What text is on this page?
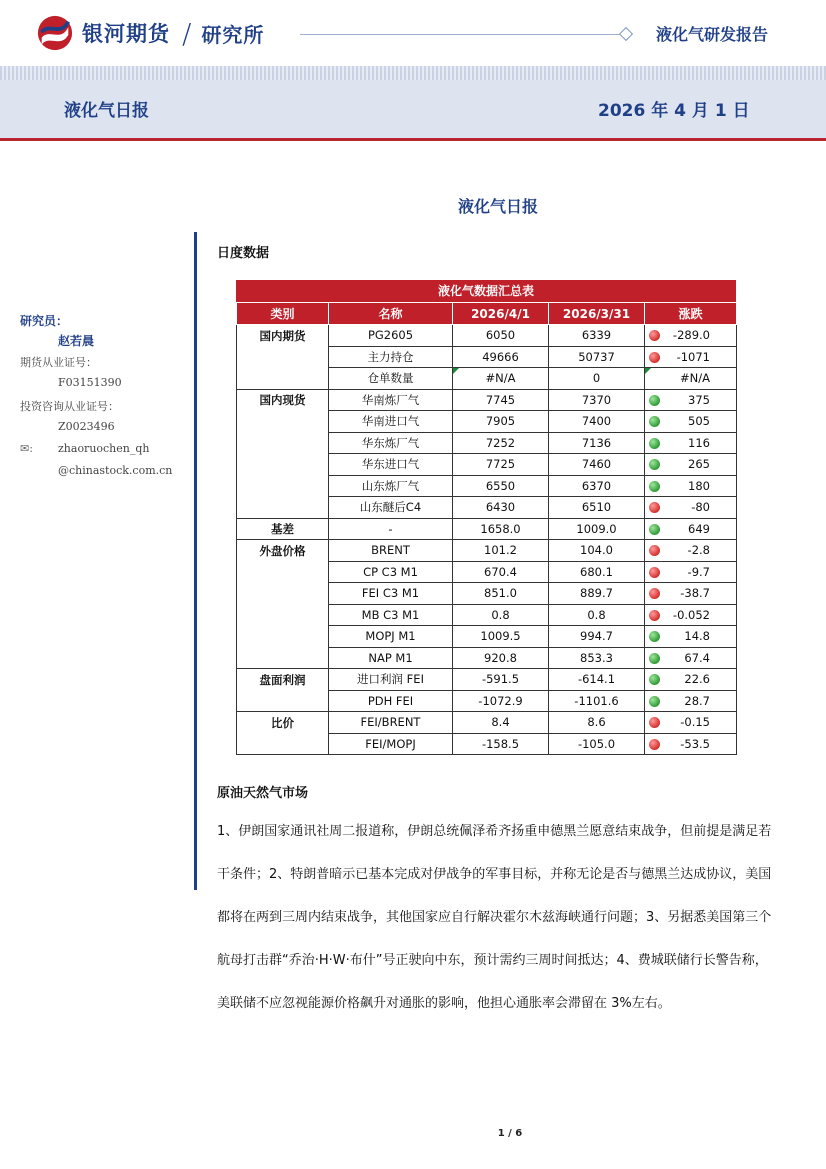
银河期货 / 研究所	液化气研发报告
液化气日报	2026 年 4 月 1 日
液化气日报
研究员：
赵若晨
期货从业证号：
F03151390
投资咨询从业证号：
Z0023496
✉: zhaoruochen_qh
@chinastock.com.cn
日度数据
液化气数据汇总表
类别	名称	2026/4/1	2026/3/31	涨跌
国内期货	PG2605	6050	6339	-289.0
	主力持仓	49666	50737	-1071
	仓单数量	#N/A	0	#N/A
国内现货	华南炼厂气	7745	7370	375
	华南进口气	7905	7400	505
	华东炼厂气	7252	7136	116
	华东进口气	7725	7460	265
	山东炼厂气	6550	6370	180
	山东醚后C4	6430	6510	-80
基差	-	1658.0	1009.0	649
外盘价格	BRENT	101.2	104.0	-2.8
	CP C3 M1	670.4	680.1	-9.7
	FEI C3 M1	851.0	889.7	-38.7
	MB C3 M1	0.8	0.8	-0.052
	MOPJ M1	1009.5	994.7	14.8
	NAP M1	920.8	853.3	67.4
盘面利润	进口利润 FEI	-591.5	-614.1	22.6
	PDH FEI	-1072.9	-1101.6	28.7
比价	FEI/BRENT	8.4	8.6	-0.15
	FEI/MOPJ	-158.5	-105.0	-53.5
原油天然气市场
1、伊朗国家通讯社周二报道称，伊朗总统佩泽希齐扬重申德黑兰愿意结束战争，但前提是满足若干条件；2、特朗普暗示已基本完成对伊战争的军事目标，并称无论是否与德黑兰达成协议，美国都将在两到三周内结束战争，其他国家应自行解决霍尔木兹海峡通行问题；3、另据悉美国第三个航母打击群“乔治·H·W·布什”号正驶向中东，预计需约三周时间抵达；4、费城联储行长警告称，美联储不应忽视能源价格飙升对通胀的影响，他担心通胀率会滞留在 3%左右。
1 / 6
